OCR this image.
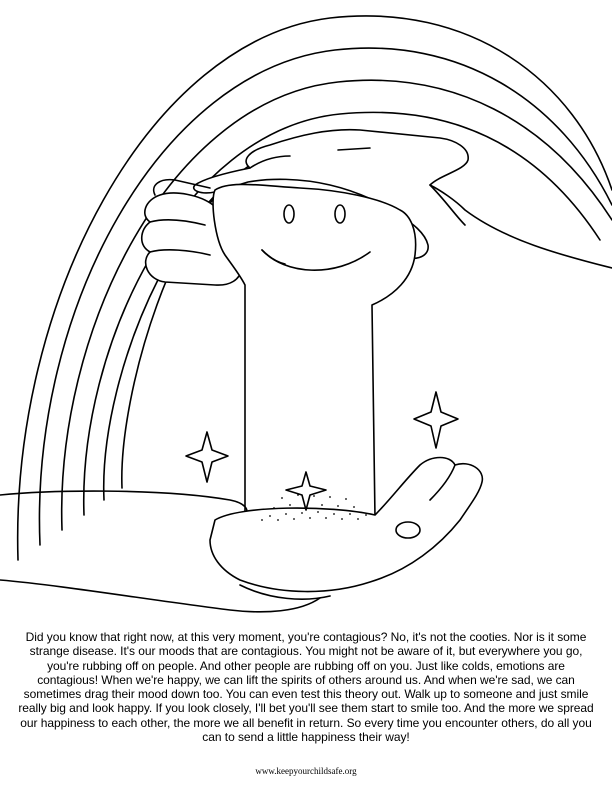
Did you know that right now, at this very moment, you're contagious? No, it's not the cooties. Nor is it some strange disease. It's our moods that are contagious. You might not be aware of it, but everywhere you go, you're rubbing off on people. And other people are rubbing off on you. Just like colds, emotions are contagious! When we're happy, we can lift the spirits of others around us. And when we're sad, we can sometimes drag their mood down too. You can even test this theory out. Walk up to someone and just smile really big and look happy. If you look closely, I'll bet you'll see them start to smile too. And the more we spread our happiness to each other, the more we all benefit in return. So every time you encounter others, do all you can to send a little happiness their way!

www.keepyourchildsafe.org
